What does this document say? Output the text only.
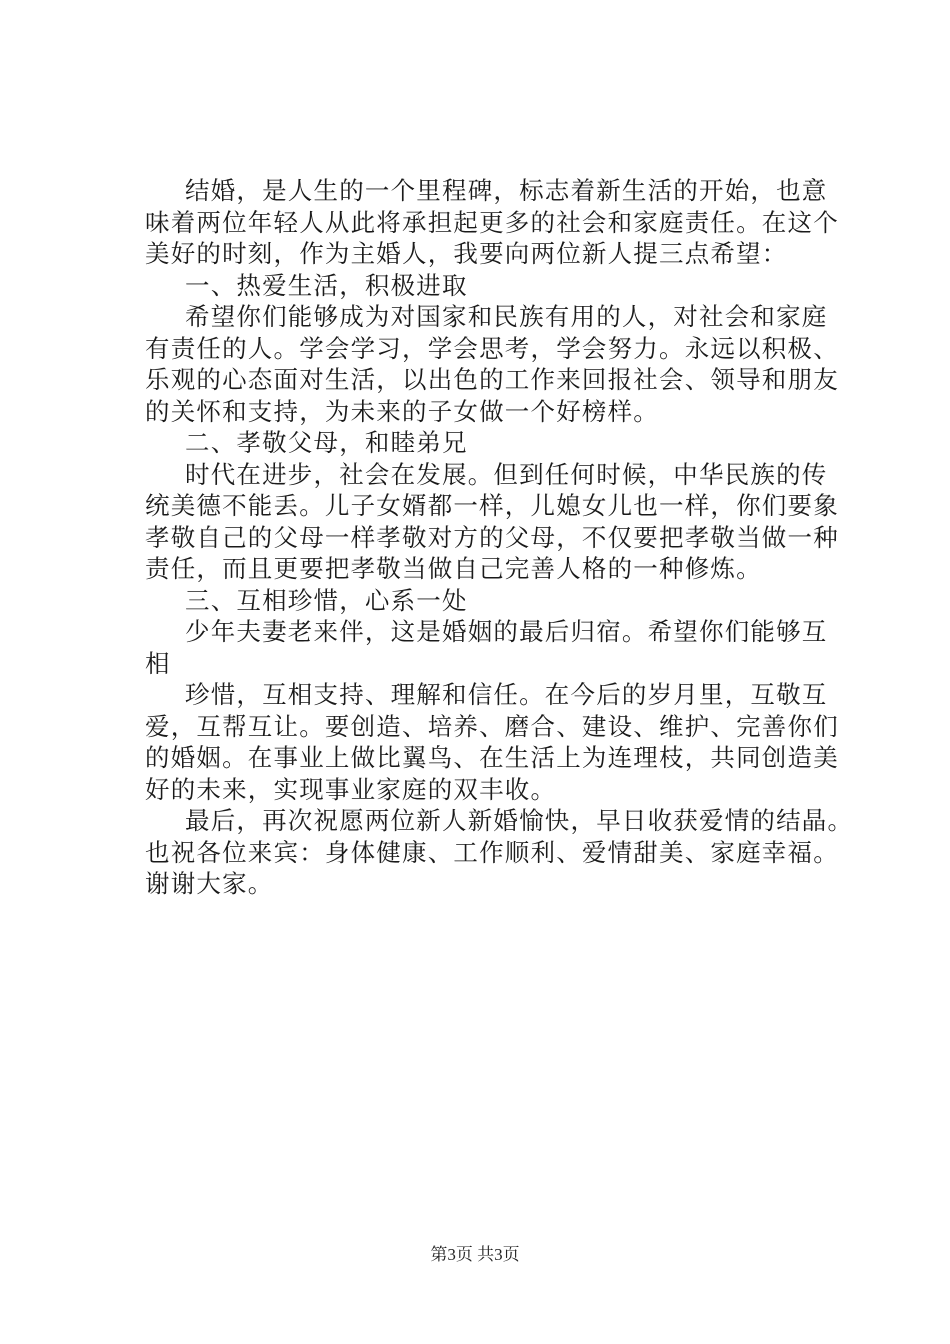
结婚，是人生的一个里程碑，标志着新生活的开始，也意
味着两位年轻人从此将承担起更多的社会和家庭责任。在这个
美好的时刻，作为主婚人，我要向两位新人提三点希望：
一、热爱生活，积极进取
希望你们能够成为对国家和民族有用的人，对社会和家庭
有责任的人。学会学习，学会思考，学会努力。永远以积极、
乐观的心态面对生活，以出色的工作来回报社会、领导和朋友
的关怀和支持，为未来的子女做一个好榜样。
二、孝敬父母，和睦弟兄
时代在进步，社会在发展。但到任何时候，中华民族的传
统美德不能丢。儿子女婿都一样，儿媳女儿也一样，你们要象
孝敬自己的父母一样孝敬对方的父母，不仅要把孝敬当做一种
责任，而且更要把孝敬当做自己完善人格的一种修炼。
三、互相珍惜，心系一处
少年夫妻老来伴，这是婚姻的最后归宿。希望你们能够互
相
珍惜，互相支持、理解和信任。在今后的岁月里，互敬互
爱，互帮互让。要创造、培养、磨合、建设、维护、完善你们
的婚姻。在事业上做比翼鸟、在生活上为连理枝，共同创造美
好的未来，实现事业家庭的双丰收。
最后，再次祝愿两位新人新婚愉快，早日收获爱情的结晶。
也祝各位来宾：身体健康、工作顺利、爱情甜美、家庭幸福。
谢谢大家。
第3页 共3页
